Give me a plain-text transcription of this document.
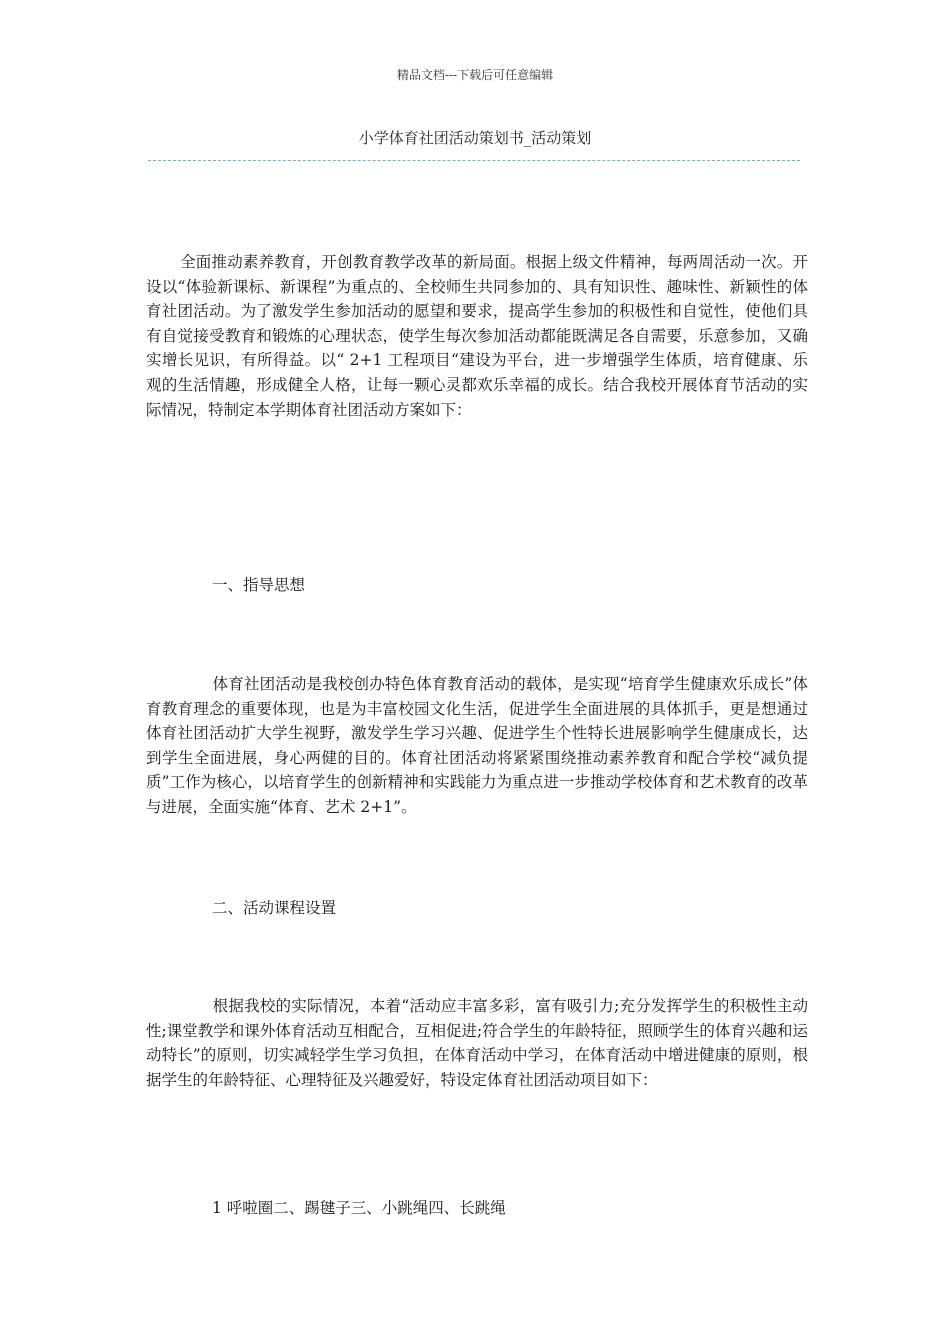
精品文档---下载后可任意编辑
小学体育社团活动策划书_活动策划

全面推动素养教育，开创教育教学改革的新局面。根据上级文件精神，每两周活动一次。开设以“体验新课标、新课程”为重点的、全校师生共同参加的、具有知识性、趣味性、新颖性的体育社团活动。为了激发学生参加活动的愿望和要求，提高学生参加的积极性和自觉性，使他们具有自觉接受教育和锻炼的心理状态，使学生每次参加活动都能既满足各自需要，乐意参加，又确实增长见识，有所得益。以“ 2+1 工程项目“建设为平台，进一步增强学生体质，培育健康、乐观的生活情趣，形成健全人格，让每一颗心灵都欢乐幸福的成长。结合我校开展体育节活动的实际情况，特制定本学期体育社团活动方案如下：

一、指导思想

体育社团活动是我校创办特色体育教育活动的载体，是实现“培育学生健康欢乐成长”体育教育理念的重要体现，也是为丰富校园文化生活，促进学生全面进展的具体抓手，更是想通过体育社团活动扩大学生视野，激发学生学习兴趣、促进学生个性特长进展影响学生健康成长，达到学生全面进展，身心两健的目的。体育社团活动将紧紧围绕推动素养教育和配合学校“减负提质”工作为核心，以培育学生的创新精神和实践能力为重点进一步推动学校体育和艺术教育的改革与进展，全面实施“体育、艺术 2+1”。

二、活动课程设置

根据我校的实际情况，本着“活动应丰富多彩，富有吸引力;充分发挥学生的积极性主动性;课堂教学和课外体育活动互相配合，互相促进;符合学生的年龄特征，照顾学生的体育兴趣和运动特长”的原则，切实减轻学生学习负担，在体育活动中学习，在体育活动中增进健康的原则，根据学生的年龄特征、心理特征及兴趣爱好，特设定体育社团活动项目如下：

1 呼啦圈二、踢毽子三、小跳绳四、长跳绳
